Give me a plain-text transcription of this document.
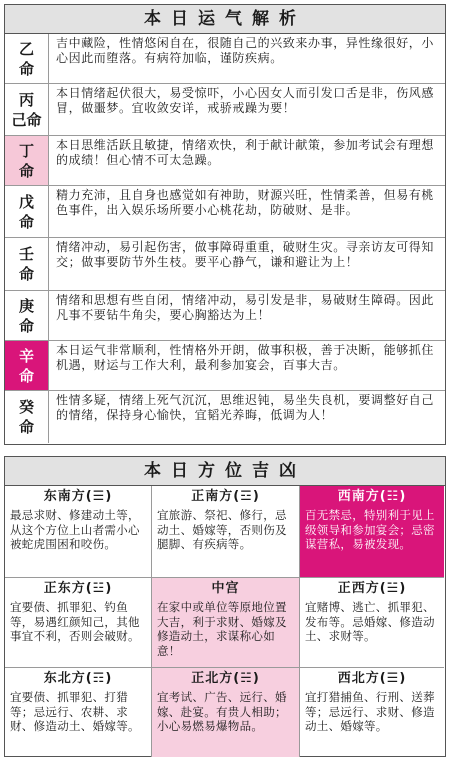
本日运气解析
乙
命
吉中藏险，性情悠闲自在，很随自己的兴致来办事，异性缘很好，小心因此而堕落。有病符加临，谨防疾病。
丙
己命
本日情绪起伏很大，易受惊吓，小心因女人而引发口舌是非，伤风感冒，做噩梦。宜收敛安详，戒骄戒躁为要！
丁
命
本日思维活跃且敏捷，情绪欢快，利于献计献策，参加考试会有理想的成绩！但心情不可太急躁。
戊
命
精力充沛，且自身也感觉如有神助，财源兴旺，性情柔善，但易有桃色事件，出入娱乐场所要小心桃花劫，防破财、是非。
壬
命
情绪冲动，易引起伤害，做事障碍重重，破财生灾。寻亲访友可得知交；做事要防节外生枝。要平心静气，谦和避让为上！
庚
命
情绪和思想有些自闭，情绪冲动，易引发是非，易破财生障碍。因此凡事不要钻牛角尖，要心胸豁达为上！
辛
命
本日运气非常顺利，性情格外开朗，做事积极，善于决断，能够抓住机遇，财运与工作大利，最利参加宴会，百事大吉。
癸
命
性情多疑，情绪上死气沉沉，思维迟钝，易坐失良机，要调整好自己的情绪，保持身心愉快，宜韬光养晦，低调为人！
本日方位吉凶
东南方(☰)
最忌求财、修建动土等，从这个方位上山者需小心被蛇虎围困和咬伤。
正南方(☲)
宜旅游、祭祀、修行，忌动土、婚嫁等，否则伤及腿脚、有疾病等。
西南方(☷)
百无禁忌，特别利于见上级领导和参加宴会；忌密谋营私，易被发现。
正东方(☳)
宜要债、抓罪犯、钓鱼等，易遇红颜知己，其他事宜不利，否则会破财。
中宫
在家中或单位等原地位置大吉，利于求财、婚嫁及修造动土，求谋称心如意！
正西方(☱)
宜赌博、逃亡、抓罪犯、发布等。忌婚嫁、修造动土、求财等。
东北方(☶)
宜要债、抓罪犯、打猎等；忌远行、农耕、求财、修造动土、婚嫁等。
正北方(☵)
宜考试、广告、远行、婚嫁、赴宴。有贵人相助；小心易燃易爆物品。
西北方(☰)
宜打猎捕鱼、行刑、送葬等；忌远行、求财、修造动土、婚嫁等。
